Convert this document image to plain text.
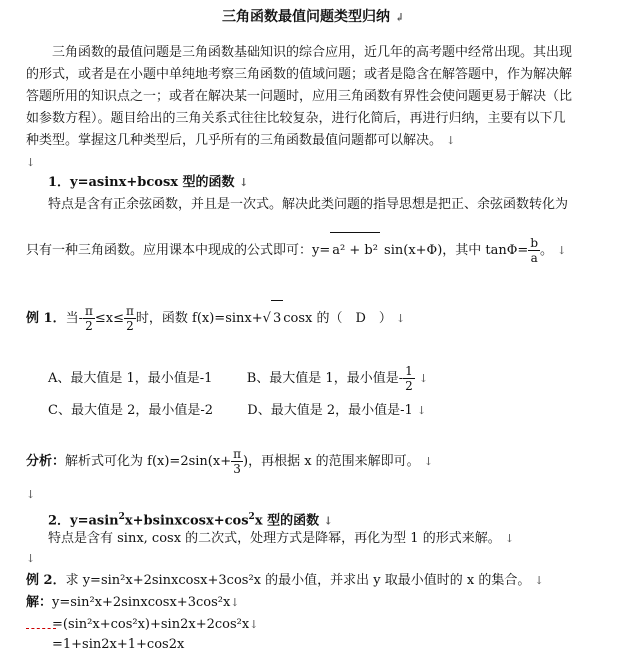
三角函数最值问题类型归纳 ↲
三角函数的最值问题是三角函数基础知识的综合应用，近几年的高考题中经常出现。其出现
的形式，或者是在小题中单纯地考察三角函数的值域问题；或者是隐含在解答题中，作为解决解
答题所用的知识点之一；或者在解决某一问题时，应用三角函数有界性会使问题更易于解决（比
如参数方程）。题目给出的三角关系式往往比较复杂，进行化简后，再进行归纳，主要有以下几
种类型。掌握这几种类型后，几乎所有的三角函数最值问题都可以解决。 ↓
↓
1．y=asinx+bcosx 型的函数 ↓
特点是含有正余弦函数，并且是一次式。解决此类问题的指导思想是把正、余弦函数转化为
只有一种三角函数。应用课本中现成的公式即可：y= a² + b² sin(x+Φ)，其中 $\tan\Phi= \frac{b}{a}$ 。 ↓
例 1．当- $\frac{\pi}{2} \le x\le \frac{\pi}{2}$ 时，函数 f(x)=sinx+√ 3 cosx 的（　D　） ↓
A、最大值是 1，最小值是-1	B、最大值是 1，最小值是- $\frac{1}{2}$ ↓
C、最大值是 2，最小值是-2	D、最大值是 2，最小值是-1 ↓
分析：解析式可化为 $f(x)=2\sin(x+ \frac{\pi}{3}$ )，再根据 x 的范围来解即可。 ↓
↓
2．$y=asin^2x+bsinxcosx+\cos^2x$ 型的函数 ↓
特点是含有 sinx, cosx 的二次式，处理方式是降幂，再化为型 1 的形式来解。 ↓
↓
例 2．求 y=sin²x+2sinxcosx+3cos²x 的最小值，并求出 y 取最小值时的 x 的集合。 ↓
解：y=sin²x+2sinxcosx+3cos²x↓
=(sin²x+cos²x)+sin2x+2cos²x↓
=1+sin2x+1+cos2x
